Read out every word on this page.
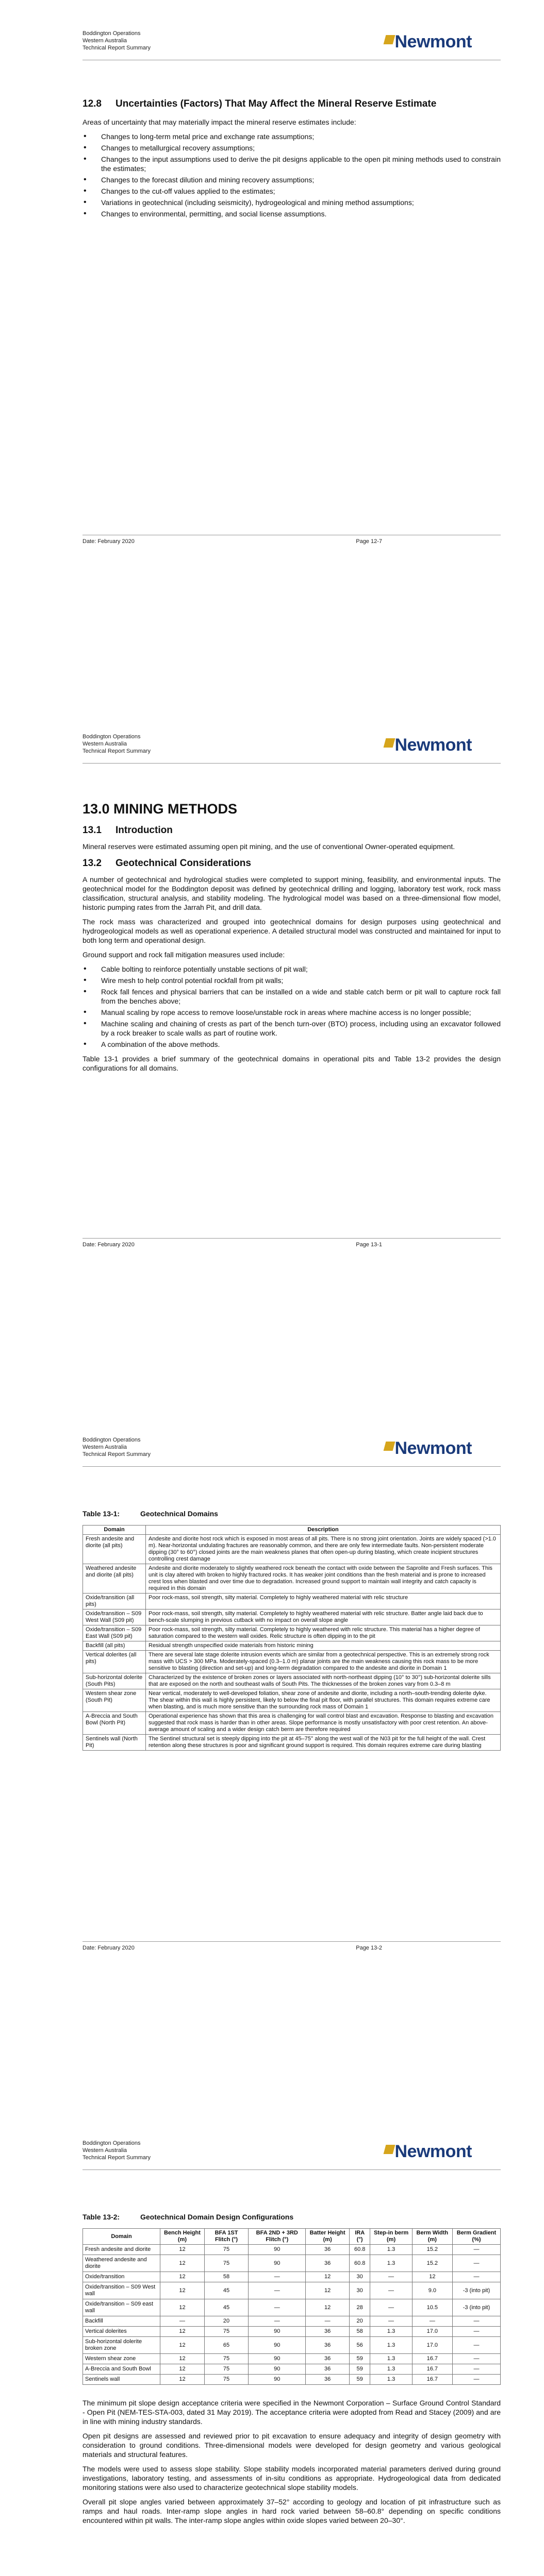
Boddington Operations
Western Australia
Technical Report Summary	Newmont
12.8	Uncertainties (Factors) That May Affect the Mineral Reserve Estimate

Areas of uncertainty that may materially impact the mineral reserve estimates include:

• Changes to long-term metal price and exchange rate assumptions;
• Changes to metallurgical recovery assumptions;
• Changes to the input assumptions used to derive the pit designs applicable to the open pit mining methods used to constrain the estimates;
• Changes to the forecast dilution and mining recovery assumptions;
• Changes to the cut-off values applied to the estimates;
• Variations in geotechnical (including seismicity), hydrogeological and mining method assumptions;
• Changes to environmental, permitting, and social license assumptions.
Date: February 2020	Page 12-7
Boddington Operations
Western Australia
Technical Report Summary	Newmont
13.0 MINING METHODS
13.1	Introduction

Mineral reserves were estimated assuming open pit mining, and the use of conventional Owner-operated equipment.

13.2	Geotechnical Considerations

A number of geotechnical and hydrological studies were completed to support mining, feasibility, and environmental inputs. The geotechnical model for the Boddington deposit was defined by geotechnical drilling and logging, laboratory test work, rock mass classification, structural analysis, and stability modeling. The hydrological model was based on a three-dimensional flow model, historic pumping rates from the Jarrah Pit, and drill data.

The rock mass was characterized and grouped into geotechnical domains for design purposes using geotechnical and hydrogeological models as well as operational experience. A detailed structural model was constructed and maintained for input to both long term and operational design.

Ground support and rock fall mitigation measures used include:

• Cable bolting to reinforce potentially unstable sections of pit wall;
• Wire mesh to help control potential rockfall from pit walls;
• Rock fall fences and physical barriers that can be installed on a wide and stable catch berm or pit wall to capture rock fall from the benches above;
• Manual scaling by rope access to remove loose/unstable rock in areas where machine access is no longer possible;
• Machine scaling and chaining of crests as part of the bench turn-over (BTO) process, including using an excavator followed by a rock breaker to scale walls as part of routine work.
• A combination of the above methods.

Table 13-1 provides a brief summary of the geotechnical domains in operational pits and Table 13-2 provides the design configurations for all domains.

Date: February 2020	Page 13-1
Boddington Operations
Western Australia
Technical Report Summary	Newmont
Table 13-1:	Geotechnical Domains
Domain	Description
Fresh andesite and diorite (all pits)	Andesite and diorite host rock which is exposed in most areas of all pits. There is no strong joint orientation. Joints are widely spaced (>1.0 m). Near-horizontal undulating fractures are reasonably common, and there are only few intermediate faults. Non-persistent moderate dipping (30° to 60°) closed joints are the main weakness planes that often open-up during blasting, which create incipient structures controlling crest damage
Weathered andesite and diorite (all pits)	Andesite and diorite moderately to slightly weathered rock beneath the contact with oxide between the Saprolite and Fresh surfaces. This unit is clay altered with broken to highly fractured rocks. It has weaker joint conditions than the fresh material and is prone to increased crest loss when blasted and over time due to degradation. Increased ground support to maintain wall integrity and catch capacity is required in this domain
Oxide/transition (all pits)	Poor rock-mass, soil strength, silty material. Completely to highly weathered material with relic structure
Oxide/transition – S09 West Wall (S09 pit)	Poor rock-mass, soil strength, silty material. Completely to highly weathered material with relic structure. Batter angle laid back due to bench-scale slumping in previous cutback with no impact on overall slope angle
Oxide/transition – S09 East Wall (S09 pit)	Poor rock-mass, soil strength, silty material. Completely to highly weathered with relic structure. This material has a higher degree of saturation compared to the western wall oxides. Relic structure is often dipping in to the pit
Backfill (all pits)	Residual strength unspecified oxide materials from historic mining
Vertical dolerites (all pits)	There are several late stage dolerite intrusion events which are similar from a geotechnical perspective. This is an extremely strong rock mass with UCS > 300 MPa. Moderately-spaced (0.3–1.0 m) planar joints are the main weakness causing this rock mass to be more sensitive to blasting (direction and set-up) and long-term degradation compared to the andesite and diorite in Domain 1
Sub-horizontal dolerite (South Pits)	Characterized by the existence of broken zones or layers associated with north-northeast dipping (10° to 30°) sub-horizontal dolerite sills that are exposed on the north and southeast walls of South Pits. The thicknesses of the broken zones vary from 0.3–8 m
Western shear zone (South Pit)	Near vertical, moderately to well-developed foliation, shear zone of andesite and diorite, including a north–south-trending dolerite dyke. The shear within this wall is highly persistent, likely to below the final pit floor, with parallel structures. This domain requires extreme care when blasting, and is much more sensitive than the surrounding rock mass of Domain 1
A-Breccia and South Bowl (North Pit)	Operational experience has shown that this area is challenging for wall control blast and excavation. Response to blasting and excavation suggested that rock mass is harder than in other areas. Slope performance is mostly unsatisfactory with poor crest retention. An above-average amount of scaling and a wider design catch berm are therefore required
Sentinels wall (North Pit)	The Sentinel structural set is steeply dipping into the pit at 45–75° along the west wall of the N03 pit for the full height of the wall. Crest retention along these structures is poor and significant ground support is required. This domain requires extreme care during blasting
Date: February 2020	Page 13-2
Boddington Operations
Western Australia
Technical Report Summary	Newmont
Table 13-2:	Geotechnical Domain Design Configurations
Domain	Bench Height (m)	BFA 1ST Flitch (°)	BFA 2ND + 3RD Flitch (°)	Batter Height (m)	IRA (°)	Step-in berm (m)	Berm Width (m)	Berm Gradient (%)
Fresh andesite and diorite	12	75	90	36	60.8	1.3	15.2	—
Weathered andesite and diorite	12	75	90	36	60.8	1.3	15.2	—
Oxide/transition	12	58	—	12	30	—	12	—
Oxide/transition – S09 West wall	12	45	—	12	30	—	9.0	-3 (into pit)
Oxide/transition – S09 east wall	12	45	—	12	28	—	10.5	-3 (into pit)
Backfill	—	20	—	—	20	—	—	—
Vertical dolerites	12	75	90	36	58	1.3	17.0	—
Sub-horizontal dolerite broken zone	12	65	90	36	56	1.3	17.0	—
Western shear zone	12	75	90	36	59	1.3	16.7	—
A-Breccia and South Bowl	12	75	90	36	59	1.3	16.7	—
Sentinels wall	12	75	90	36	59	1.3	16.7	—

The minimum pit slope design acceptance criteria were specified in the Newmont Corporation – Surface Ground Control Standard - Open Pit (NEM-TES-STA-003, dated 31 May 2019). The acceptance criteria were adopted from Read and Stacey (2009) and are in line with mining industry standards.

Open pit designs are assessed and reviewed prior to pit excavation to ensure adequacy and integrity of design geometry with consideration to ground conditions. Three-dimensional models were developed for design geometry and various geological materials and structural features.

The models were used to assess slope stability. Slope stability models incorporated material parameters derived during ground investigations, laboratory testing, and assessments of in-situ conditions as appropriate. Hydrogeological data from dedicated monitoring stations were also used to characterize geotechnical slope stability models.

Overall pit slope angles varied between approximately 37–52° according to geology and location of pit infrastructure such as ramps and haul roads. Inter-ramp slope angles in hard rock varied between 58–60.8° depending on specific conditions encountered within pit walls. The inter-ramp slope angles within oxide slopes varied between 20–30°.
